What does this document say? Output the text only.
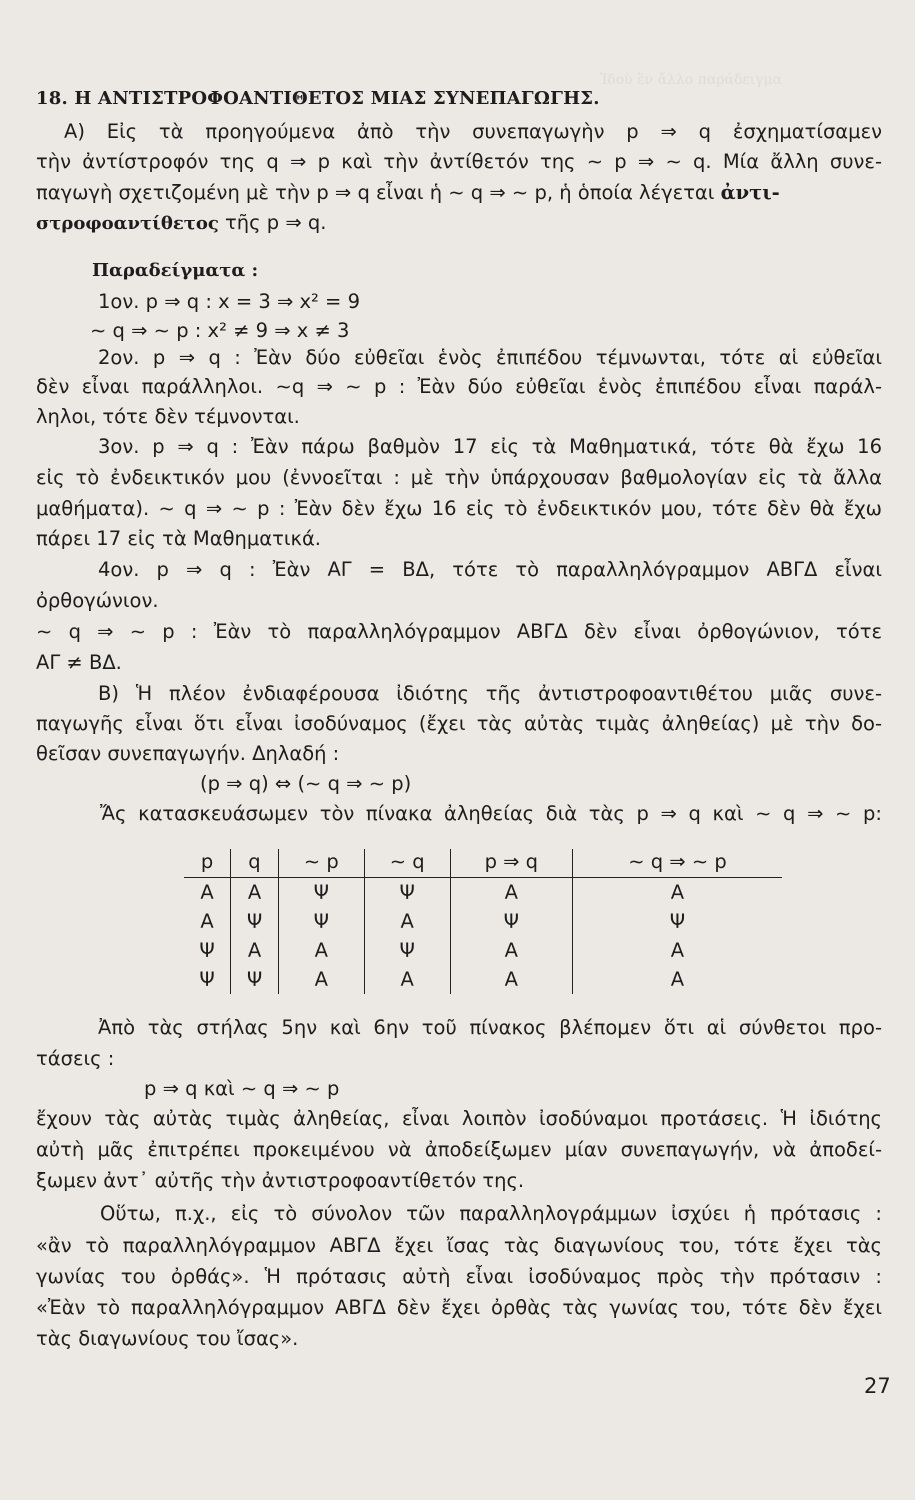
Ἰδοὺ ἓν ἄλλο παράδειγμα
18. Η ΑΝΤΙΣΤΡΟΦΟΑΝΤΙΘΕΤΟΣ ΜΙΑΣ ΣΥΝΕΠΑΓΩΓΗΣ.
Α) Εἰς τὰ προηγούμενα ἀπὸ τὴν συνεπαγωγὴν p ⇒ q ἐσχηματίσαμεν
τὴν ἀντίστροφόν της q ⇒ p καὶ τὴν ἀντίθετόν της ∼ p ⇒ ∼ q. Μία ἄλλη συνε-
παγωγὴ σχετιζομένη μὲ τὴν p ⇒ q εἶναι ἡ ∼ q ⇒ ∼ p, ἡ ὁποία λέγεται ἀντι-
στροφοαντίθετος τῆς p ⇒ q.
Παραδείγματα :
1ον. p ⇒ q : x = 3 ⇒ x² = 9
∼ q ⇒ ∼ p : x² ≠ 9 ⇒ x ≠ 3
2ον. p ⇒ q : Ἐὰν δύο εὐθεῖαι ἑνὸς ἐπιπέδου τέμνωνται, τότε αἱ εὐθεῖαι
δὲν εἶναι παράλληλοι. ∼q ⇒ ∼ p : Ἐὰν δύο εὐθεῖαι ἑνὸς ἐπιπέδου εἶναι παράλ-
ληλοι, τότε δὲν τέμνονται.
3ον. p ⇒ q : Ἐὰν πάρω βαθμὸν 17 εἰς τὰ Μαθηματικά, τότε θὰ ἔχω 16
εἰς τὸ ἐνδεικτικόν μου (ἐννοεῖται : μὲ τὴν ὑπάρχουσαν βαθμολογίαν εἰς τὰ ἄλλα
μαθήματα). ∼ q ⇒ ∼ p : Ἐὰν δὲν ἔχω 16 εἰς τὸ ἐνδεικτικόν μου, τότε δὲν θὰ ἔχω
πάρει 17 εἰς τὰ Μαθηματικά.
4ον. p ⇒ q : Ἐὰν ΑΓ = ΒΔ, τότε τὸ παραλληλόγραμμον ΑΒΓΔ εἶναι
ὀρθογώνιον.
∼ q ⇒ ∼ p : Ἐὰν τὸ παραλληλόγραμμον ΑΒΓΔ δὲν εἶναι ὀρθογώνιον, τότε
ΑΓ ≠ ΒΔ.
Β) Ἡ πλέον ἐνδιαφέρουσα ἰδιότης τῆς ἀντιστροφοαντιθέτου μιᾶς συνε-
παγωγῆς εἶναι ὅτι εἶναι ἰσοδύναμος (ἔχει τὰς αὐτὰς τιμὰς ἀληθείας) μὲ τὴν δο-
θεῖσαν συνεπαγωγήν. Δηλαδή :
(p ⇒ q) ⇔ (∼ q ⇒ ∼ p)
Ἄς κατασκευάσωμεν τὸν πίνακα ἀληθείας διὰ τὰς p ⇒ q καὶ ∼ q ⇒ ∼ p:
p	q	∼ p	∼ q	p ⇒ q	∼ q ⇒ ∼ p
Α	Α	Ψ	Ψ	Α	Α
Α	Ψ	Ψ	Α	Ψ	Ψ
Ψ	Α	Α	Ψ	Α	Α
Ψ	Ψ	Α	Α	Α	Α
Ἀπὸ τὰς στήλας 5ην καὶ 6ην τοῦ πίνακος βλέπομεν ὅτι αἱ σύνθετοι προ-
τάσεις :
p ⇒ q καὶ ∼ q ⇒ ∼ p
ἔχουν τὰς αὐτὰς τιμὰς ἀληθείας, εἶναι λοιπὸν ἰσοδύναμοι προτάσεις. Ἡ ἰδιότης
αὐτὴ μᾶς ἐπιτρέπει προκειμένου νὰ ἀποδείξωμεν μίαν συνεπαγωγήν, νὰ ἀποδεί-
ξωμεν ἀντ᾽ αὐτῆς τὴν ἀντιστροφοαντίθετόν της.
Οὕτω, π.χ., εἰς τὸ σύνολον τῶν παραλληλογράμμων ἰσχύει ἡ πρότασις :
«ἂν τὸ παραλληλόγραμμον ΑΒΓΔ ἔχει ἴσας τὰς διαγωνίους του, τότε ἔχει τὰς
γωνίας του ὀρθάς». Ἡ πρότασις αὐτὴ εἶναι ἰσοδύναμος πρὸς τὴν πρότασιν :
«Ἐὰν τὸ παραλληλόγραμμον ΑΒΓΔ δὲν ἔχει ὀρθὰς τὰς γωνίας του, τότε δὲν ἔχει
τὰς διαγωνίους του ἴσας».
27
